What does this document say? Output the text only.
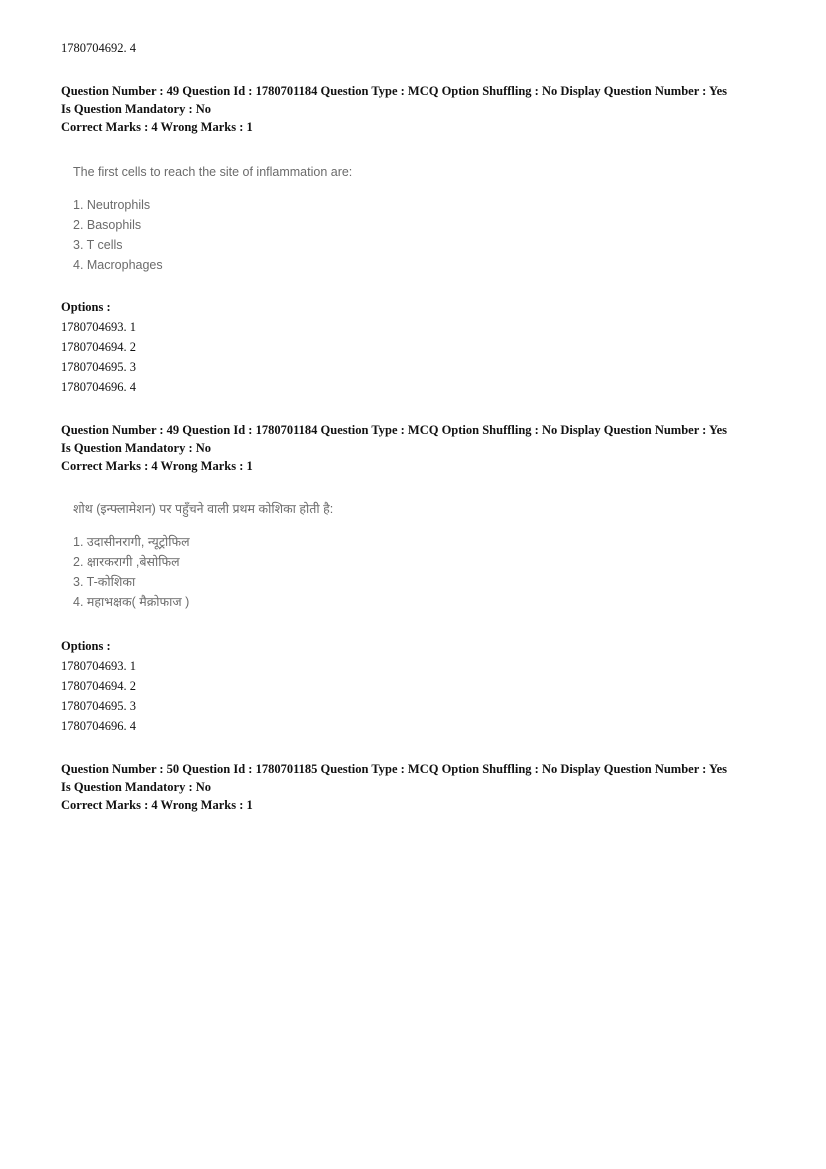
1780704692. 4
Question Number : 49 Question Id : 1780701184 Question Type : MCQ Option Shuffling : No Display Question Number : Yes
Is Question Mandatory : No
Correct Marks : 4 Wrong Marks : 1
The first cells to reach the site of inflammation are:
1. Neutrophils
2. Basophils
3. T cells
4. Macrophages
Options :
1780704693. 1
1780704694. 2
1780704695. 3
1780704696. 4
Question Number : 49 Question Id : 1780701184 Question Type : MCQ Option Shuffling : No Display Question Number : Yes
Is Question Mandatory : No
Correct Marks : 4 Wrong Marks : 1
शोथ (इन्फ्लामेशन) पर पहुँचने वाली प्रथम कोशिका होती है:
1. उदासीनरागी, न्यूट्रोफिल
2. क्षारकरागी ,बेसोफिल
3. T-कोशिका
4. महाभक्षक( मैक्रोफाज )
Options :
1780704693. 1
1780704694. 2
1780704695. 3
1780704696. 4
Question Number : 50 Question Id : 1780701185 Question Type : MCQ Option Shuffling : No Display Question Number : Yes
Is Question Mandatory : No
Correct Marks : 4 Wrong Marks : 1
